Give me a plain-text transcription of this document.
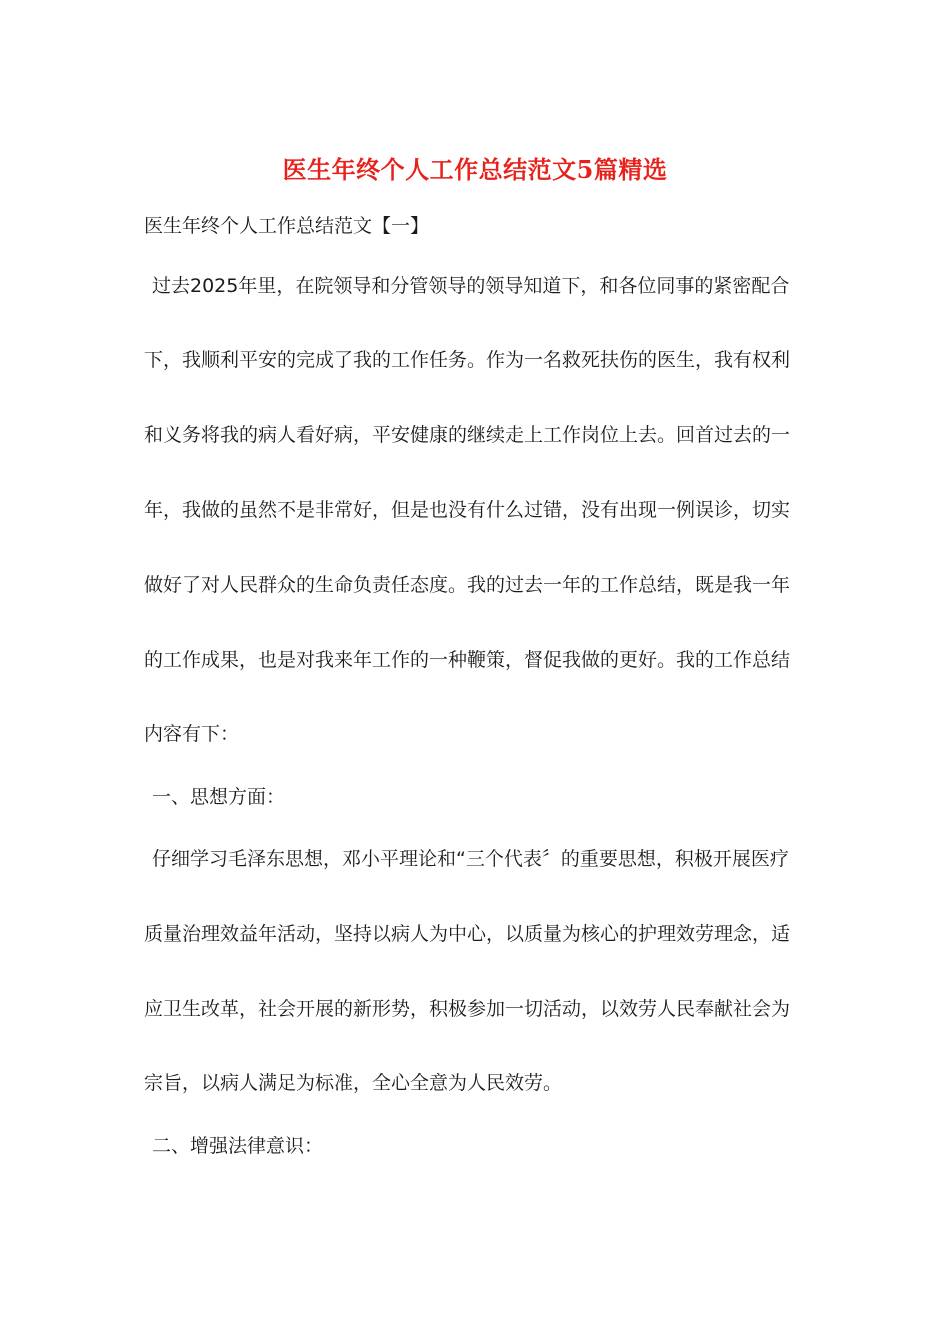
医生年终个人工作总结范文5篇精选
医生年终个人工作总结范文【一】
过去2025年里，在院领导和分管领导的领导知道下，和各位同事的紧密配合
下，我顺利平安的完成了我的工作任务。作为一名救死扶伤的医生，我有权利
和义务将我的病人看好病，平安健康的继续走上工作岗位上去。回首过去的一
年，我做的虽然不是非常好，但是也没有什么过错，没有出现一例误诊，切实
做好了对人民群众的生命负责任态度。我的过去一年的工作总结，既是我一年
的工作成果，也是对我来年工作的一种鞭策，督促我做的更好。我的工作总结
内容有下：
一、思想方面：
仔细学习毛泽东思想，邓小平理论和“三个代表〞的重要思想，积极开展医疗
质量治理效益年活动，坚持以病人为中心，以质量为核心的护理效劳理念，适
应卫生改革，社会开展的新形势，积极参加一切活动，以效劳人民奉献社会为
宗旨，以病人满足为标准，全心全意为人民效劳。
二、增强法律意识：
